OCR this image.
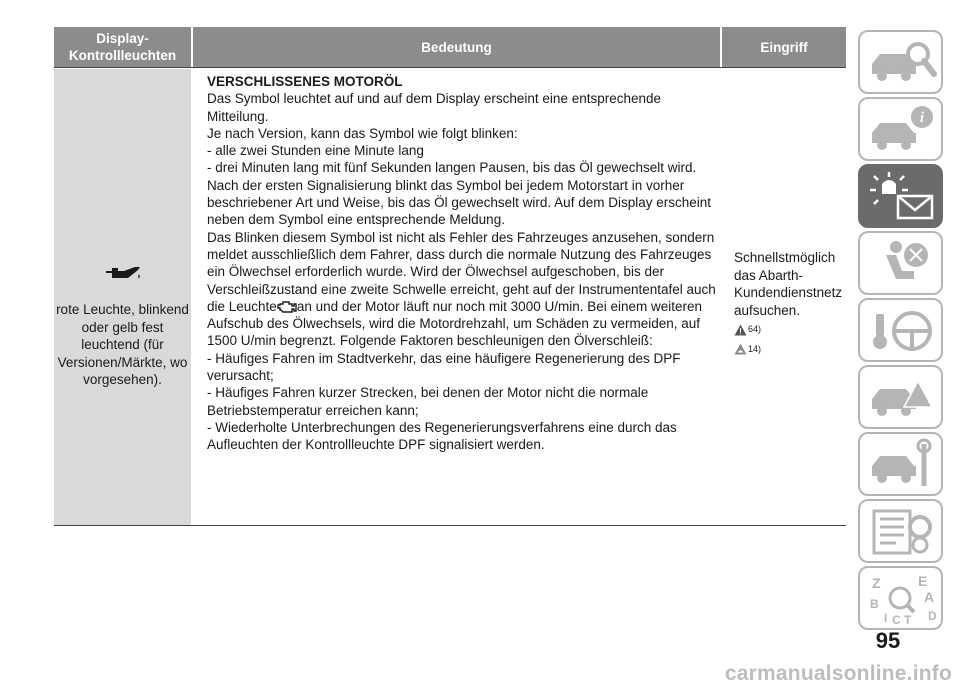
Display-
Kontrollleuchten
Bedeutung	Eingriff
rote Leuchte, blinkend oder gelb fest leuchtend (für Versionen/Märkte, wo vorgesehen).

VERSCHLISSENES MOTORÖL

Das Symbol leuchtet auf und auf dem Display erscheint eine entsprechende Mitteilung.

Je nach Version, kann das Symbol wie folgt blinken:

- alle zwei Stunden eine Minute lang

- drei Minuten lang mit fünf Sekunden langen Pausen, bis das Öl gewechselt wird.

Nach der ersten Signalisierung blinkt das Symbol bei jedem Motorstart in vorher beschriebener Art und Weise, bis das Öl gewechselt wird. Auf dem Display erscheint neben dem Symbol eine entsprechende Meldung.

Das Blinken diesem Symbol ist nicht als Fehler des Fahrzeuges anzusehen, sondern meldet ausschließlich dem Fahrer, dass durch die normale Nutzung des Fahrzeuges ein Ölwechsel erforderlich wurde. Wird der Ölwechsel aufgeschoben, bis der Verschleißzustand eine zweite Schwelle erreicht, geht auf der Instrumententafel auch die Leuchte an und der Motor läuft nur noch mit 3000 U/min. Bei einem weiteren Aufschub des Ölwechsels, wird die Motordrehzahl, um Schäden zu vermeiden, auf 1500 U/min begrenzt. Folgende Faktoren beschleunigen den Ölverschleiß:

- Häufiges Fahren im Stadtverkehr, das eine häufigere Regenerierung des DPF verursacht;

- Häufiges Fahren kurzer Strecken, bei denen der Motor nicht die normale Betriebstemperatur erreichen kann;

- Wiederholte Unterbrechungen des Regenerierungsverfahrens eine durch das Aufleuchten der Kontrollleuchte DPF signalisiert werden.

Schnellstmöglich das Abarth-Kundendienstnetz aufsuchen.
64)
14)
i
Z	E
A
B
D
I C T
95
carmanualsonline.info
